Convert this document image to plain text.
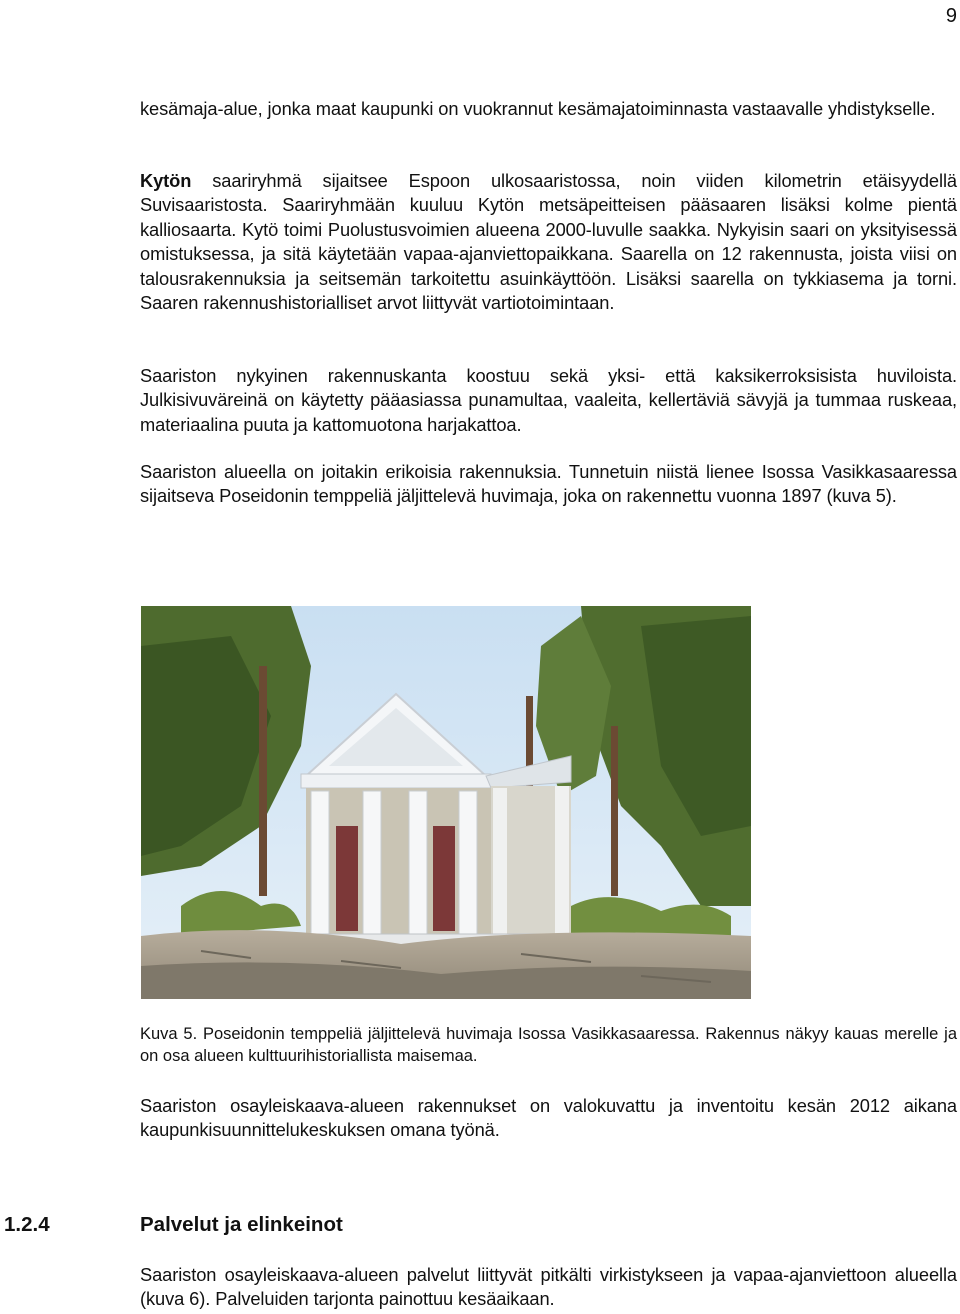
9

kesämaja-alue, jonka maat kaupunki on vuokrannut kesämajatoiminnasta vastaavalle yhdistykselle.

Kytön saariryhmä sijaitsee Espoon ulkosaaristossa, noin viiden kilometrin etäisyydellä Suvisaaristosta. Saariryhmään kuuluu Kytön metsäpeitteisen pääsaaren lisäksi kolme pientä kalliosaarta. Kytö toimi Puolustusvoimien alueena 2000-luvulle saakka. Nykyisin saari on yksityisessä omistuksessa, ja sitä käytetään vapaa-ajanviettopaikkana. Saarella on 12 rakennusta, joista viisi on talousrakennuksia ja seitsemän tarkoitettu asuinkäyttöön. Lisäksi saarella on tykkiasema ja torni. Saaren rakennushistorialliset arvot liittyvät vartiotoimintaan.

Saariston nykyinen rakennuskanta koostuu sekä yksi- että kaksikerroksisista huviloista. Julkisivuväreinä on käytetty pääasiassa punamultaa, vaaleita, kellertäviä sävyjä ja tummaa ruskeaa, materiaalina puuta ja kattomuotona harjakattoa.

Saariston alueella on joitakin erikoisia rakennuksia. Tunnetuin niistä lienee Isossa Vasikkasaaressa sijaitseva Poseidonin temppeliä jäljittelevä huvimaja, joka on rakennettu vuonna 1897 (kuva 5).

Kuva 5. Poseidonin temppeliä jäljittelevä huvimaja Isossa Vasikkasaaressa. Rakennus näkyy kauas merelle ja on osa alueen kulttuurihistoriallista maisemaa.

Saariston osayleiskaava-alueen rakennukset on valokuvattu ja inventoitu kesän 2012 aikana kaupunkisuunnittelukeskuksen omana työnä.

1.2.4	Palvelut ja elinkeinot

Saariston osayleiskaava-alueen palvelut liittyvät pitkälti virkistykseen ja vapaa-ajanviettoon alueella (kuva 6). Palveluiden tarjonta painottuu kesäaikaan.
